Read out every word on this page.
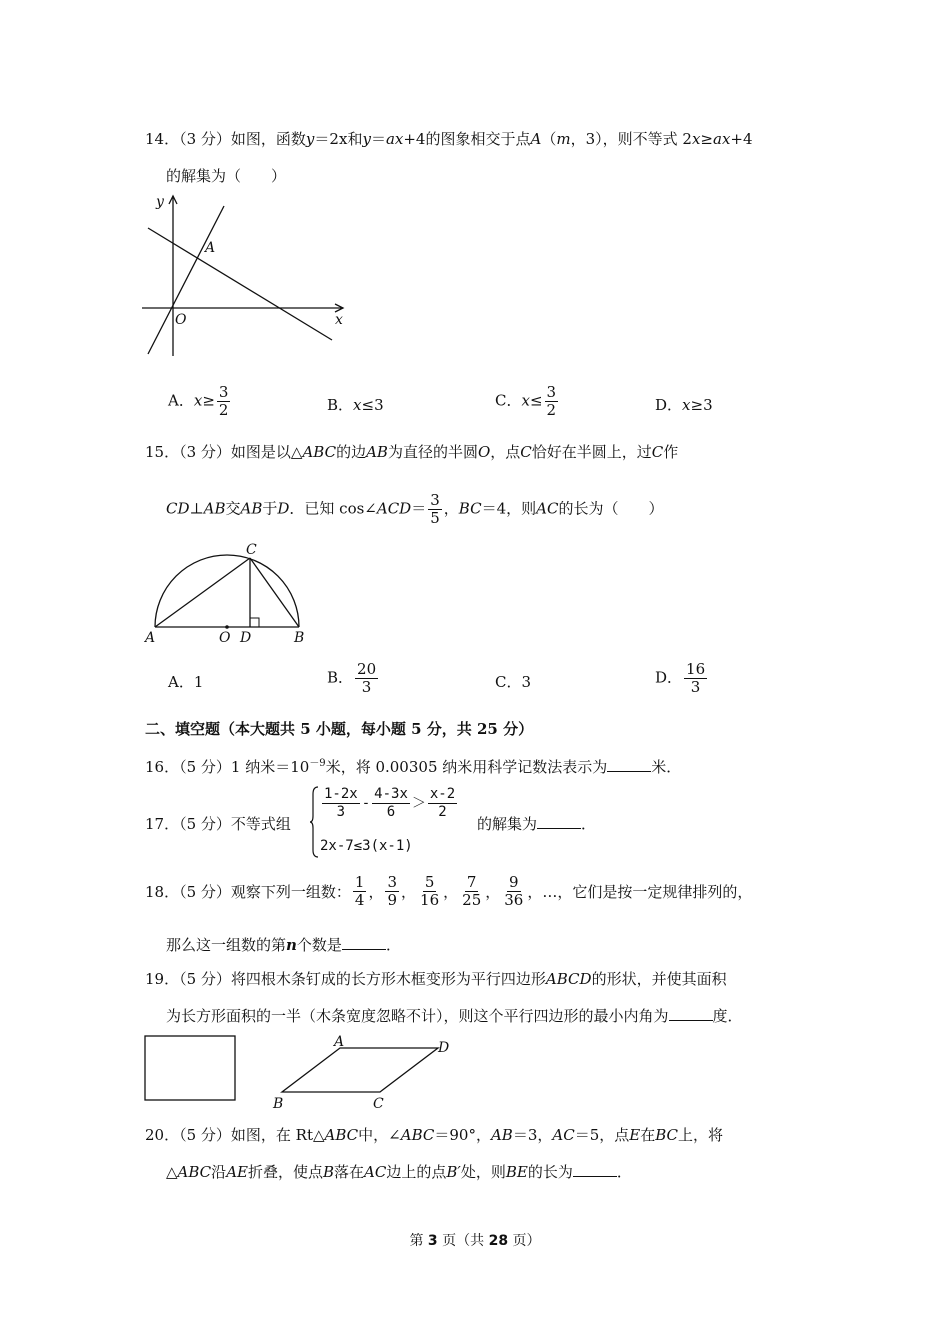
14．（3 分）如图，函数y＝2x和y＝ax+4的图象相交于点A（m，3），则不等式 2x≥ax+4
的解集为（　　）
y
A
O	x
A．$x\ge \frac{3}{2}$	B．x≤3	C．$x\le \frac{3}{2}$	D．x≥3
15．（3 分）如图是以△ABC的边AB为直径的半圆O，点C恰好在半圆上，过C作
CD⊥AB交AB于D．已知 cos∠ACD＝ $\frac{3}{5}$ ，BC＝4，则AC的长为（　　）
C
A	O D	B
A．1	B． $\frac{20}{3}$	C．3	D． $\frac{16}{3}$
二、填空题（本大题共 5 小题，每小题 5 分，共 25 分）
16．（5 分）1 纳米$=10^{-9}$米，将 0.00305 纳米用科学记数法表示为	米．
17．（5 分）不等式组
$\frac{1-2x}{3} - \frac{4-3x}{6} > \frac{x-2}{2}$
2x-7≤3(x-1)
的解集为	．
18．（5 分）观察下列一组数： $\frac{1}{4}$ ， $\frac{3}{9}$ ， $\frac{5}{16}$ ， $\frac{7}{25}$ ， $\frac{9}{36}$ ，…，它们是按一定规律排列的，
那么这一组数的第n个数是	．
19．（5 分）将四根木条钉成的长方形木框变形为平行四边形ABCD的形状，并使其面积
为长方形面积的一半（木条宽度忽略不计），则这个平行四边形的最小内角为	度．
A	D
B	C
20．（5 分）如图，在 Rt△ABC中，∠ABC＝90°，AB＝3，AC＝5，点E在BC上，将
△ABC沿AE折叠，使点B落在AC边上的点B′处，则BE的长为	．
第 3 页（共 28 页）
